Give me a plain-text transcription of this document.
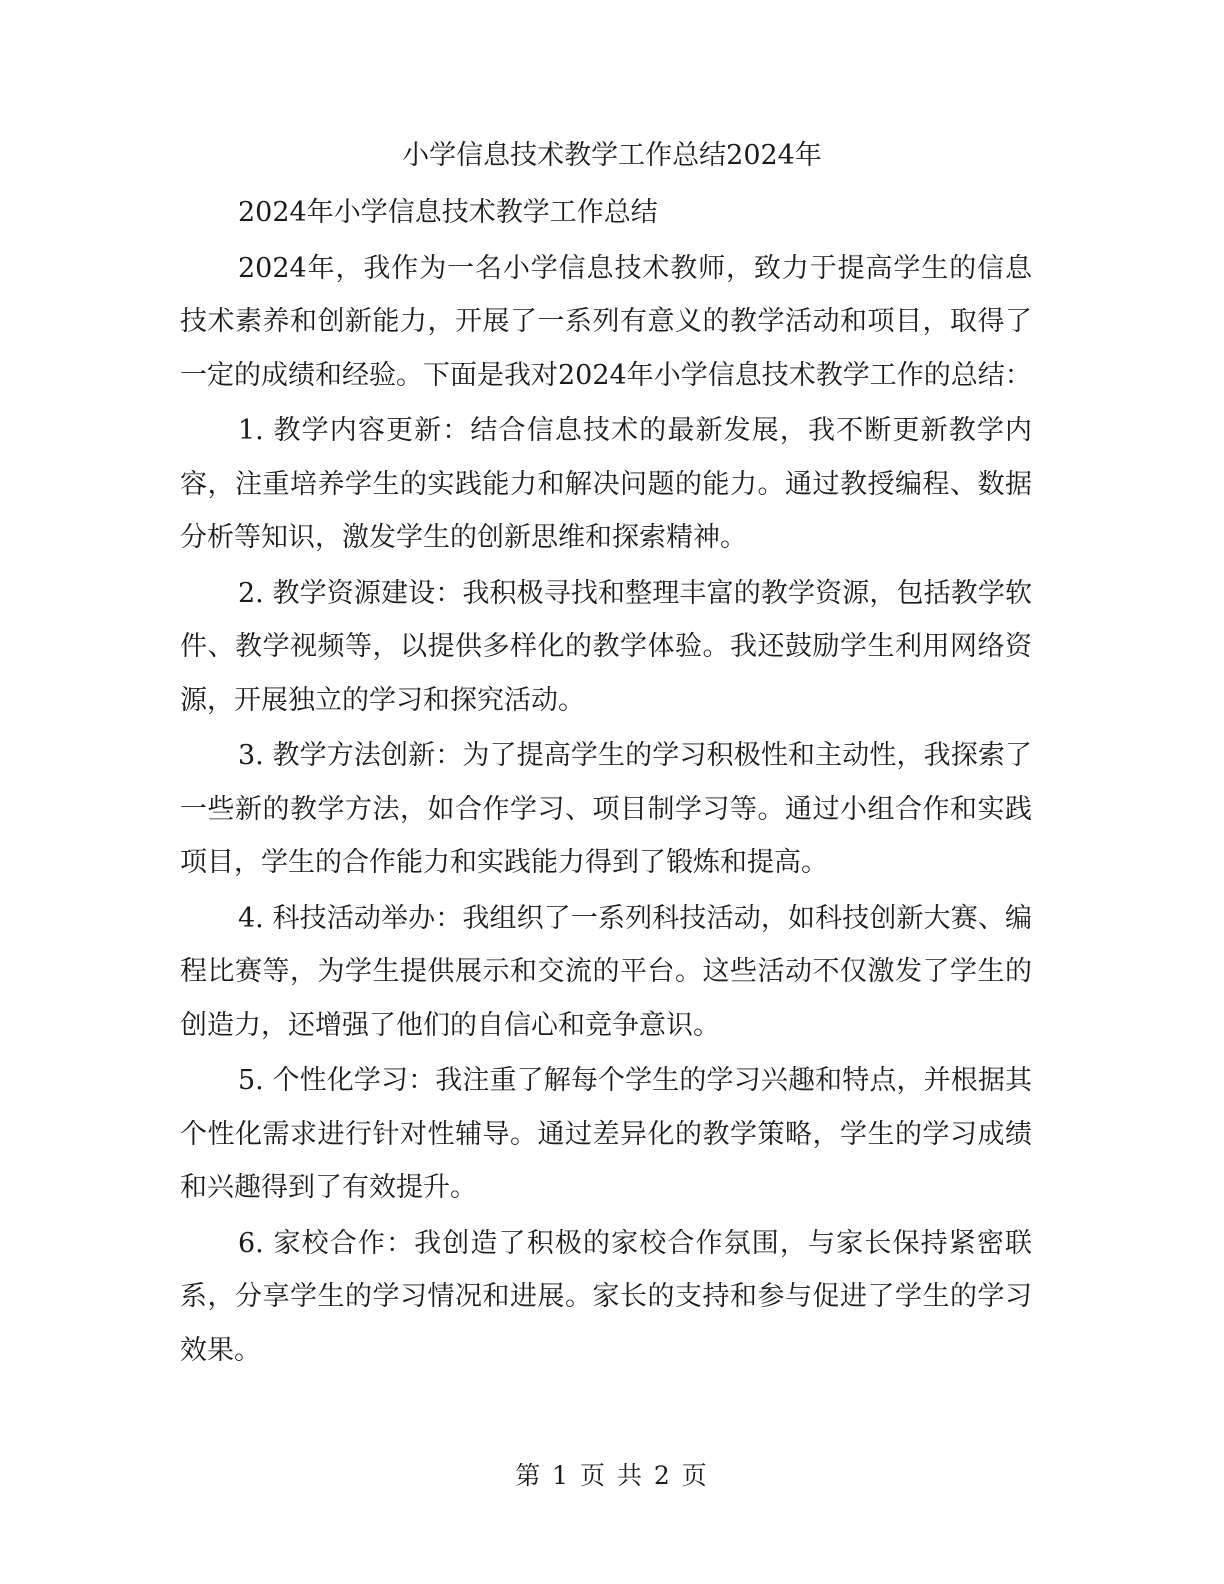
小学信息技术教学工作总结2024年

2024年小学信息技术教学工作总结

2024年，我作为一名小学信息技术教师，致力于提高学生的信息技术素养和创新能力，开展了一系列有意义的教学活动和项目，取得了一定的成绩和经验。下面是我对2024年小学信息技术教学工作的总结：

1. 教学内容更新：结合信息技术的最新发展，我不断更新教学内容，注重培养学生的实践能力和解决问题的能力。通过教授编程、数据分析等知识，激发学生的创新思维和探索精神。

2. 教学资源建设：我积极寻找和整理丰富的教学资源，包括教学软件、教学视频等，以提供多样化的教学体验。我还鼓励学生利用网络资源，开展独立的学习和探究活动。

3. 教学方法创新：为了提高学生的学习积极性和主动性，我探索了一些新的教学方法，如合作学习、项目制学习等。通过小组合作和实践项目，学生的合作能力和实践能力得到了锻炼和提高。

4. 科技活动举办：我组织了一系列科技活动，如科技创新大赛、编程比赛等，为学生提供展示和交流的平台。这些活动不仅激发了学生的创造力，还增强了他们的自信心和竞争意识。

5. 个性化学习：我注重了解每个学生的学习兴趣和特点，并根据其个性化需求进行针对性辅导。通过差异化的教学策略，学生的学习成绩和兴趣得到了有效提升。

6. 家校合作：我创造了积极的家校合作氛围，与家长保持紧密联系，分享学生的学习情况和进展。家长的支持和参与促进了学生的学习效果。

第 1 页 共 2 页
